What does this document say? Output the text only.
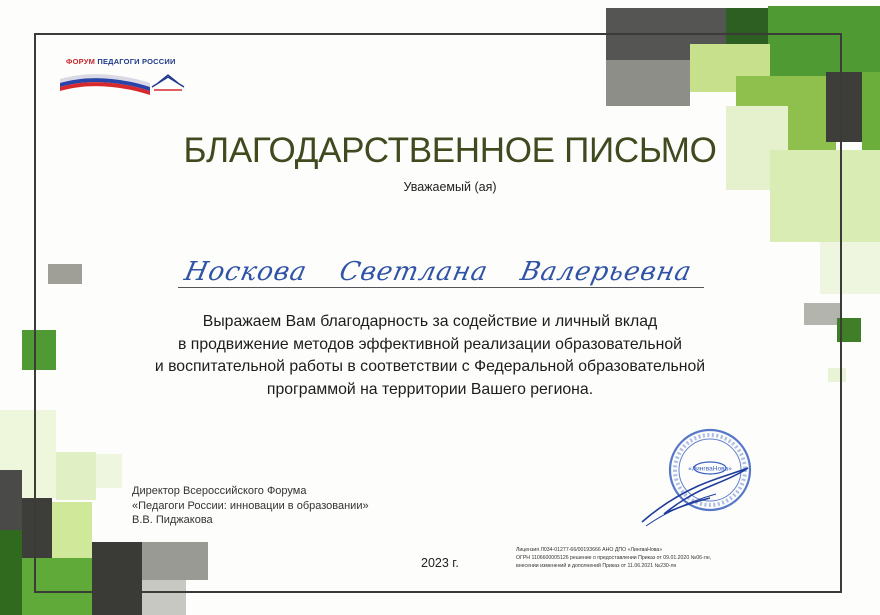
ФОРУМ ПЕДАГОГИ РОССИИ
БЛАГОДАРСТВЕННОЕ ПИСЬМО
Уважаемый (ая)
Носкова Светлана Валерьевна
Выражаем Вам благодарность за содействие и личный вклад
в продвижение методов эффективной реализации образовательной
и воспитательной работы в соответствии с Федеральной образовательной
программой на территории Вашего региона.
Директор Всероссийского Форума
«Педагоги России: инновации в образовании»
В.В. Пиджакова
2023 г.
Лицензия Л034-01277-66/00193666 АНО ДПО «ЛингваНова»
ОГРН 1106600005126 решение о предоставлении Приказ от 09.01.2020 №06-лн,
внесении изменений и дополнений Приказ от 11.06.2021 №230-лн
«ЛингваНова»
